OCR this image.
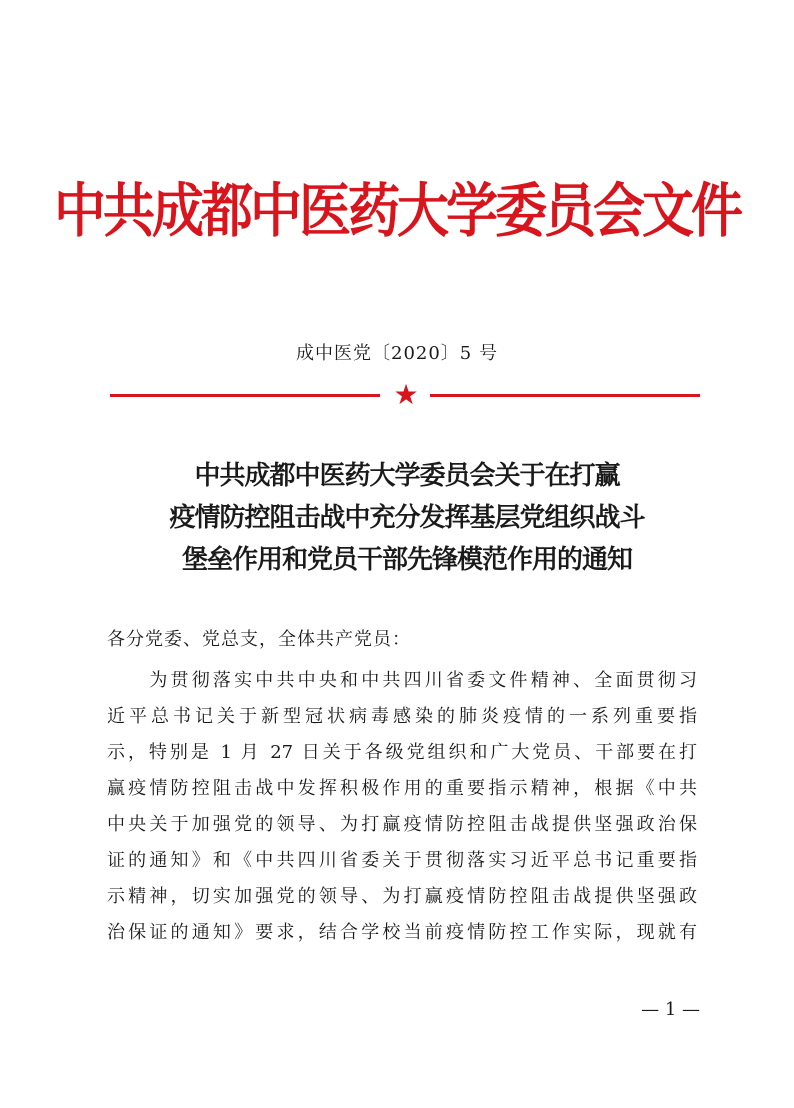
中共成都中医药大学委员会文件
成中医党〔2020〕5 号
★
中共成都中医药大学委员会关于在打赢
疫情防控阻击战中充分发挥基层党组织战斗
堡垒作用和党员干部先锋模范作用的通知
各分党委、党总支，全体共产党员：
　　为贯彻落实中共中央和中共四川省委文件精神、全面贯彻习
近平总书记关于新型冠状病毒感染的肺炎疫情的一系列重要指
示，特别是 1 月 27 日关于各级党组织和广大党员、干部要在打
赢疫情防控阻击战中发挥积极作用的重要指示精神，根据《中共
中央关于加强党的领导、为打赢疫情防控阻击战提供坚强政治保
证的通知》和《中共四川省委关于贯彻落实习近平总书记重要指
示精神，切实加强党的领导、为打赢疫情防控阻击战提供坚强政
治保证的通知》要求，结合学校当前疫情防控工作实际，现就有
— 1 —
